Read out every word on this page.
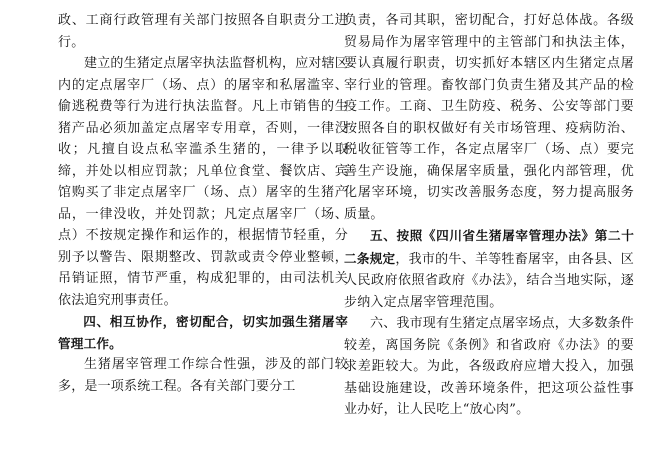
政、工商行政管理有关部门按照各自职责分工进行。

建立的生猪定点屠宰执法监督机构，应对辖区内的定点屠宰厂（场、点）的屠宰和私屠滥宰、偷逃税费等行为进行执法监督。凡上市销售的生猪产品必须加盖定点屠宰专用章，否则，一律没收；凡擅自设点私宰滥杀生猪的，一律予以取缔，并处以相应罚款；凡单位食堂、餐饮店、宾馆购买了非定点屠宰厂（场、点）屠宰的生猪产品，一律没收，并处罚款；凡定点屠宰厂（场、点）不按规定操作和运作的，根据情节轻重，分别予以警告、限期整改、罚款或责令停业整顿，吊销证照，情节严重，构成犯罪的，由司法机关依法追究刑事责任。

四、相互协作，密切配合，切实加强生猪屠宰管理工作。

生猪屠宰管理工作综合性强，涉及的部门较多，是一项系统工程。各有关部门要分工

负责，各司其职，密切配合，打好总体战。各级贸易局作为屠宰管理中的主管部门和执法主体，要认真履行职责，切实抓好本辖区内生猪定点屠宰行业的管理。畜牧部门负责生猪及其产品的检疫工作。工商、卫生防疫、税务、公安等部门要按照各自的职权做好有关市场管理、疫病防治、税收征管等工作，各定点屠宰厂（场、点）要完善生产设施，确保屠宰质量，强化内部管理，优化屠宰环境，切实改善服务态度，努力提高服务质量。

五、按照《四川省生猪屠宰管理办法》第二十二条规定，我市的牛、羊等牲畜屠宰，由各县、区人民政府依照省政府《办法》，结合当地实际，逐步纳入定点屠宰管理范围。

六、我市现有生猪定点屠宰场点，大多数条件较差，离国务院《条例》和省政府《办法》的要求差距较大。为此，各级政府应增大投入，加强基础设施建设，改善环境条件，把这项公益性事业办好，让人民吃上“放心肉”。
